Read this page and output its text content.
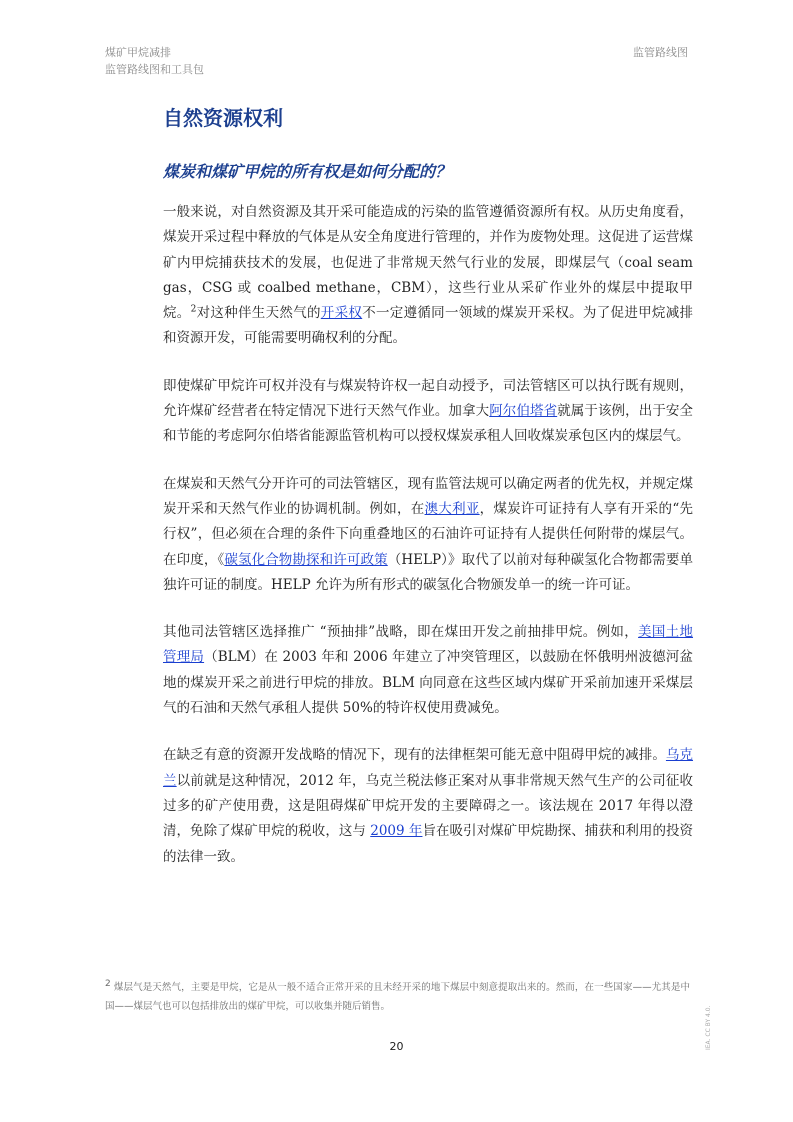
煤矿甲烷减排
监管路线图和工具包
监管路线图
自然资源权利
煤炭和煤矿甲烷的所有权是如何分配的？

一般来说，对自然资源及其开采可能造成的污染的监管遵循资源所有权。从历史角度看，煤炭开采过程中释放的气体是从安全角度进行管理的，并作为废物处理。这促进了运营煤矿内甲烷捕获技术的发展，也促进了非常规天然气行业的发展，即煤层气（coal seam gas，CSG 或 coalbed methane，CBM），这些行业从采矿作业外的煤层中提取甲烷。$^2$对这种伴生天然气的开采权不一定遵循同一领域的煤炭开采权。为了促进甲烷减排和资源开发，可能需要明确权利的分配。

即使煤矿甲烷许可权并没有与煤炭特许权一起自动授予，司法管辖区可以执行既有规则，允许煤矿经营者在特定情况下进行天然气作业。加拿大阿尔伯塔省就属于该例，出于安全和节能的考虑阿尔伯塔省能源监管机构可以授权煤炭承租人回收煤炭承包区内的煤层气。

在煤炭和天然气分开许可的司法管辖区，现有监管法规可以确定两者的优先权，并规定煤炭开采和天然气作业的协调机制。例如，在澳大利亚，煤炭许可证持有人享有开采的“先行权”，但必须在合理的条件下向重叠地区的石油许可证持有人提供任何附带的煤层气。在印度，《碳氢化合物勘探和许可政策（HELP）》取代了以前对每种碳氢化合物都需要单独许可证的制度。HELP 允许为所有形式的碳氢化合物颁发单一的统一许可证。

其他司法管辖区选择推广 “预抽排”战略，即在煤田开发之前抽排甲烷。例如，美国土地管理局（BLM）在 2003 年和 2006 年建立了冲突管理区，以鼓励在怀俄明州波德河盆地的煤炭开采之前进行甲烷的排放。BLM 向同意在这些区域内煤矿开采前加速开采煤层气的石油和天然气承租人提供 50%的特许权使用费减免。

在缺乏有意的资源开发战略的情况下，现有的法律框架可能无意中阻碍甲烷的减排。乌克兰以前就是这种情况，2012 年，乌克兰税法修正案对从事非常规天然气生产的公司征收过多的矿产使用费，这是阻碍煤矿甲烷开发的主要障碍之一。该法规在 2017 年得以澄清，免除了煤矿甲烷的税收，这与 2009 年旨在吸引对煤矿甲烷勘探、捕获和利用的投资的法律一致。

$^2$ 煤层气是天然气，主要是甲烷，它是从一般不适合正常开采的且未经开采的地下煤层中刻意提取出来的。然而，在一些国家——尤其是中国——煤层气也可以包括排放出的煤矿甲烷，可以收集并随后销售。
20	IEA. CC BY 4.0.
